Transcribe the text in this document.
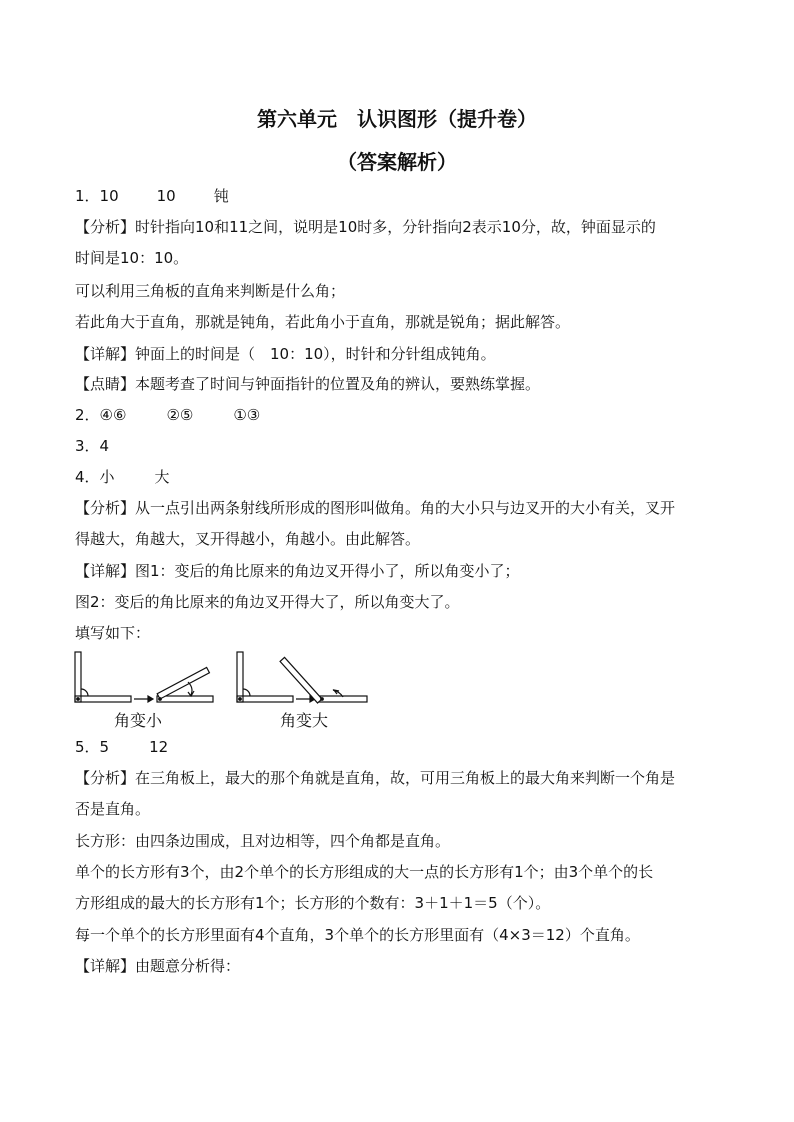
第六单元　认识图形（提升卷）
（答案解析）
1．10	10	钝
【分析】时针指向10和11之间，说明是10时多，分针指向2表示10分，故，钟面显示的
时间是10：10。
可以利用三角板的直角来判断是什么角；
若此角大于直角，那就是钝角，若此角小于直角，那就是锐角；据此解答。
【详解】钟面上的时间是（　10：10），时针和分针组成钝角。
【点睛】本题考查了时间与钟面指针的位置及角的辨认，要熟练掌握。
2．④⑥	②⑤	①③
3．4
4．小	大
【分析】从一点引出两条射线所形成的图形叫做角。角的大小只与边叉开的大小有关，叉开
得越大，角越大，叉开得越小，角越小。由此解答。
【详解】图1：变后的角比原来的角边叉开得小了，所以角变小了；
图2：变后的角比原来的角边叉开得大了，所以角变大了。
填写如下：
角变小	角变大
5．5	12
【分析】在三角板上，最大的那个角就是直角，故，可用三角板上的最大角来判断一个角是
否是直角。
长方形：由四条边围成，且对边相等，四个角都是直角。
单个的长方形有3个，由2个单个的长方形组成的大一点的长方形有1个；由3个单个的长
方形组成的最大的长方形有1个；长方形的个数有：3＋1＋1＝5（个）。
每一个单个的长方形里面有4个直角，3个单个的长方形里面有（4×3＝12）个直角。
【详解】由题意分析得：
